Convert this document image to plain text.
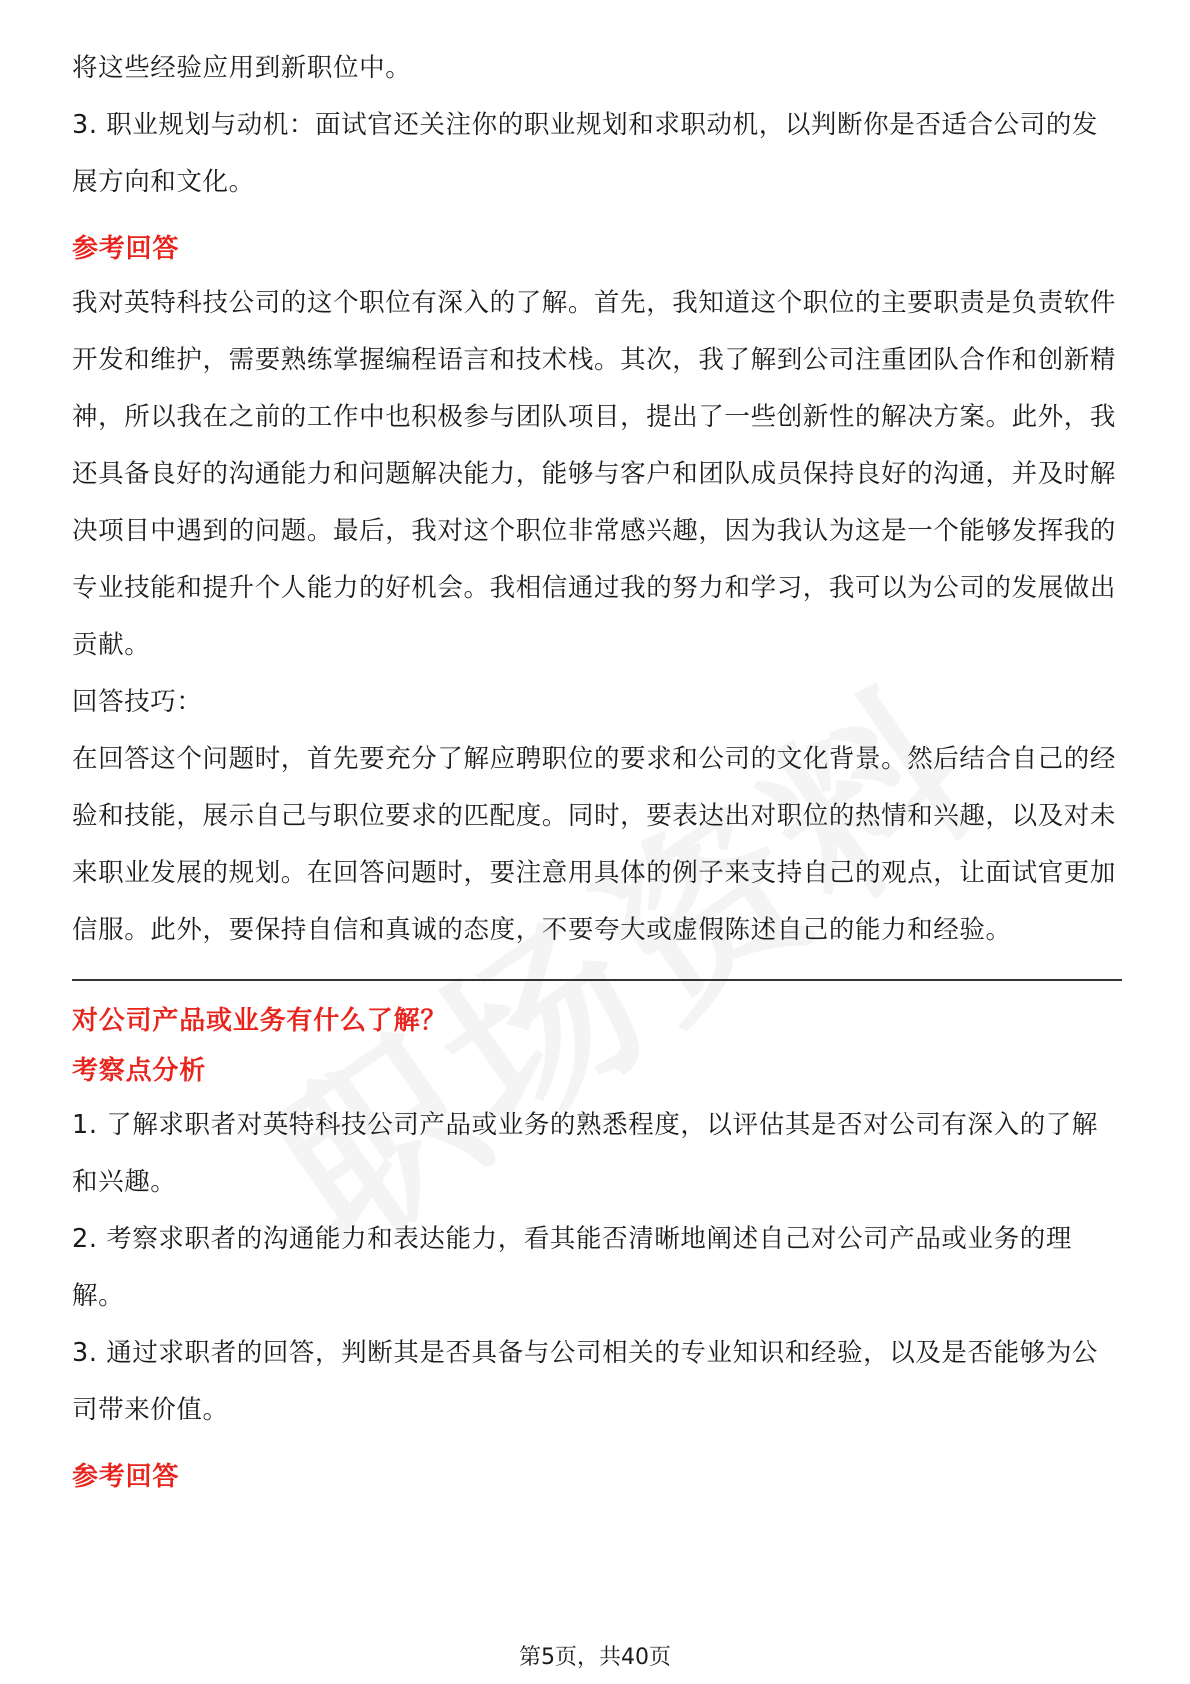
将这些经验应用到新职位中。

3. 职业规划与动机：面试官还关注你的职业规划和求职动机，以判断你是否适合公司的发展方向和文化。

参考回答

我对英特科技公司的这个职位有深入的了解。首先，我知道这个职位的主要职责是负责软件开发和维护，需要熟练掌握编程语言和技术栈。其次，我了解到公司注重团队合作和创新精神，所以我在之前的工作中也积极参与团队项目，提出了一些创新性的解决方案。此外，我还具备良好的沟通能力和问题解决能力，能够与客户和团队成员保持良好的沟通，并及时解决项目中遇到的问题。最后，我对这个职位非常感兴趣，因为我认为这是一个能够发挥我的专业技能和提升个人能力的好机会。我相信通过我的努力和学习，我可以为公司的发展做出贡献。

回答技巧：

在回答这个问题时，首先要充分了解应聘职位的要求和公司的文化背景。然后结合自己的经验和技能，展示自己与职位要求的匹配度。同时，要表达出对职位的热情和兴趣，以及对未来职业发展的规划。在回答问题时，要注意用具体的例子来支持自己的观点，让面试官更加信服。此外，要保持自信和真诚的态度，不要夸大或虚假陈述自己的能力和经验。

对公司产品或业务有什么了解？

考察点分析

1. 了解求职者对英特科技公司产品或业务的熟悉程度，以评估其是否对公司有深入的了解和兴趣。

2. 考察求职者的沟通能力和表达能力，看其能否清晰地阐述自己对公司产品或业务的理解。

3. 通过求职者的回答，判断其是否具备与公司相关的专业知识和经验，以及是否能够为公司带来价值。

参考回答

第5页，共40页
